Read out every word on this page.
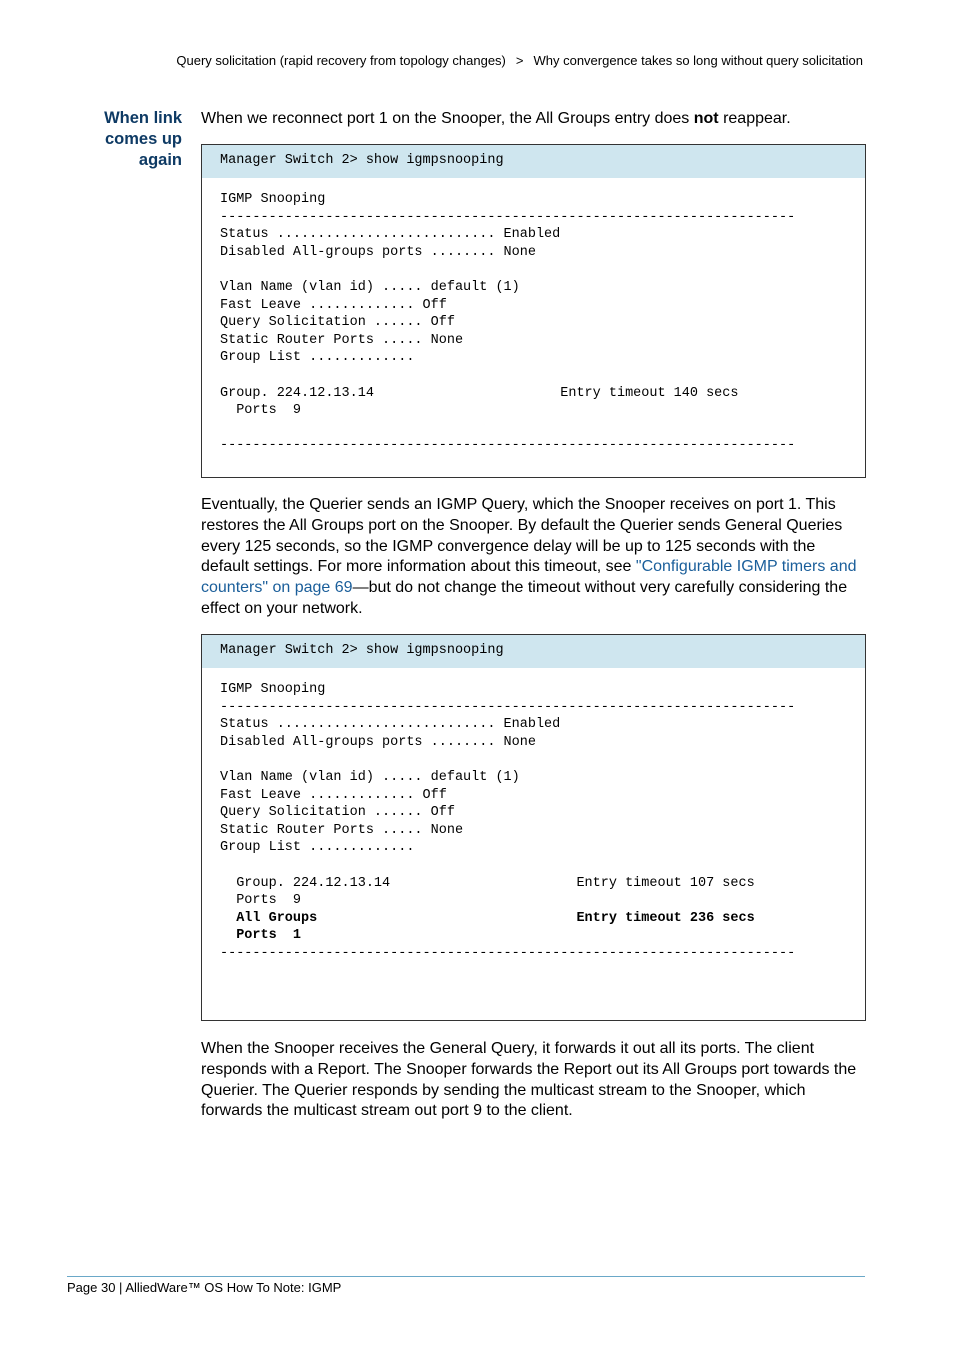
Query solicitation (rapid recovery from topology changes) > Why convergence takes so long without query solicitation
When link
comes up
again

When we reconnect port 1 on the Snooper, the All Groups entry does not reappear.

Manager Switch 2> show igmpsnooping
IGMP Snooping
-----------------------------------------------------------------------
Status ........................... Enabled
Disabled All-groups ports ........ None

Vlan Name (vlan id) ..... default (1)
Fast Leave ............. Off
Query Solicitation ...... Off
Static Router Ports ..... None
Group List .............

Group. 224.12.13.14                       Entry timeout 140 secs
Ports  9

-----------------------------------------------------------------------

Eventually, the Querier sends an IGMP Query, which the Snooper receives on port 1. This restores the All Groups port on the Snooper. By default the Querier sends General Queries every 125 seconds, so the IGMP convergence delay will be up to 125 seconds with the default settings. For more information about this timeout, see "Configurable IGMP timers and counters" on page 69—but do not change the timeout without very carefully considering the effect on your network.

Manager Switch 2> show igmpsnooping
IGMP Snooping
-----------------------------------------------------------------------
Status ........................... Enabled
Disabled All-groups ports ........ None

Vlan Name (vlan id) ..... default (1)
Fast Leave ............. Off
Query Solicitation ...... Off
Static Router Ports ..... None
Group List .............

Group. 224.12.13.14                       Entry timeout 107 secs
Ports  9
All Groups                                Entry timeout 236 secs
Ports  1
-----------------------------------------------------------------------

When the Snooper receives the General Query, it forwards it out all its ports. The client responds with a Report. The Snooper forwards the Report out its All Groups port towards the Querier. The Querier responds by sending the multicast stream to the Snooper, which forwards the multicast stream out port 9 to the client.

Page 30 | AlliedWare™ OS How To Note: IGMP
